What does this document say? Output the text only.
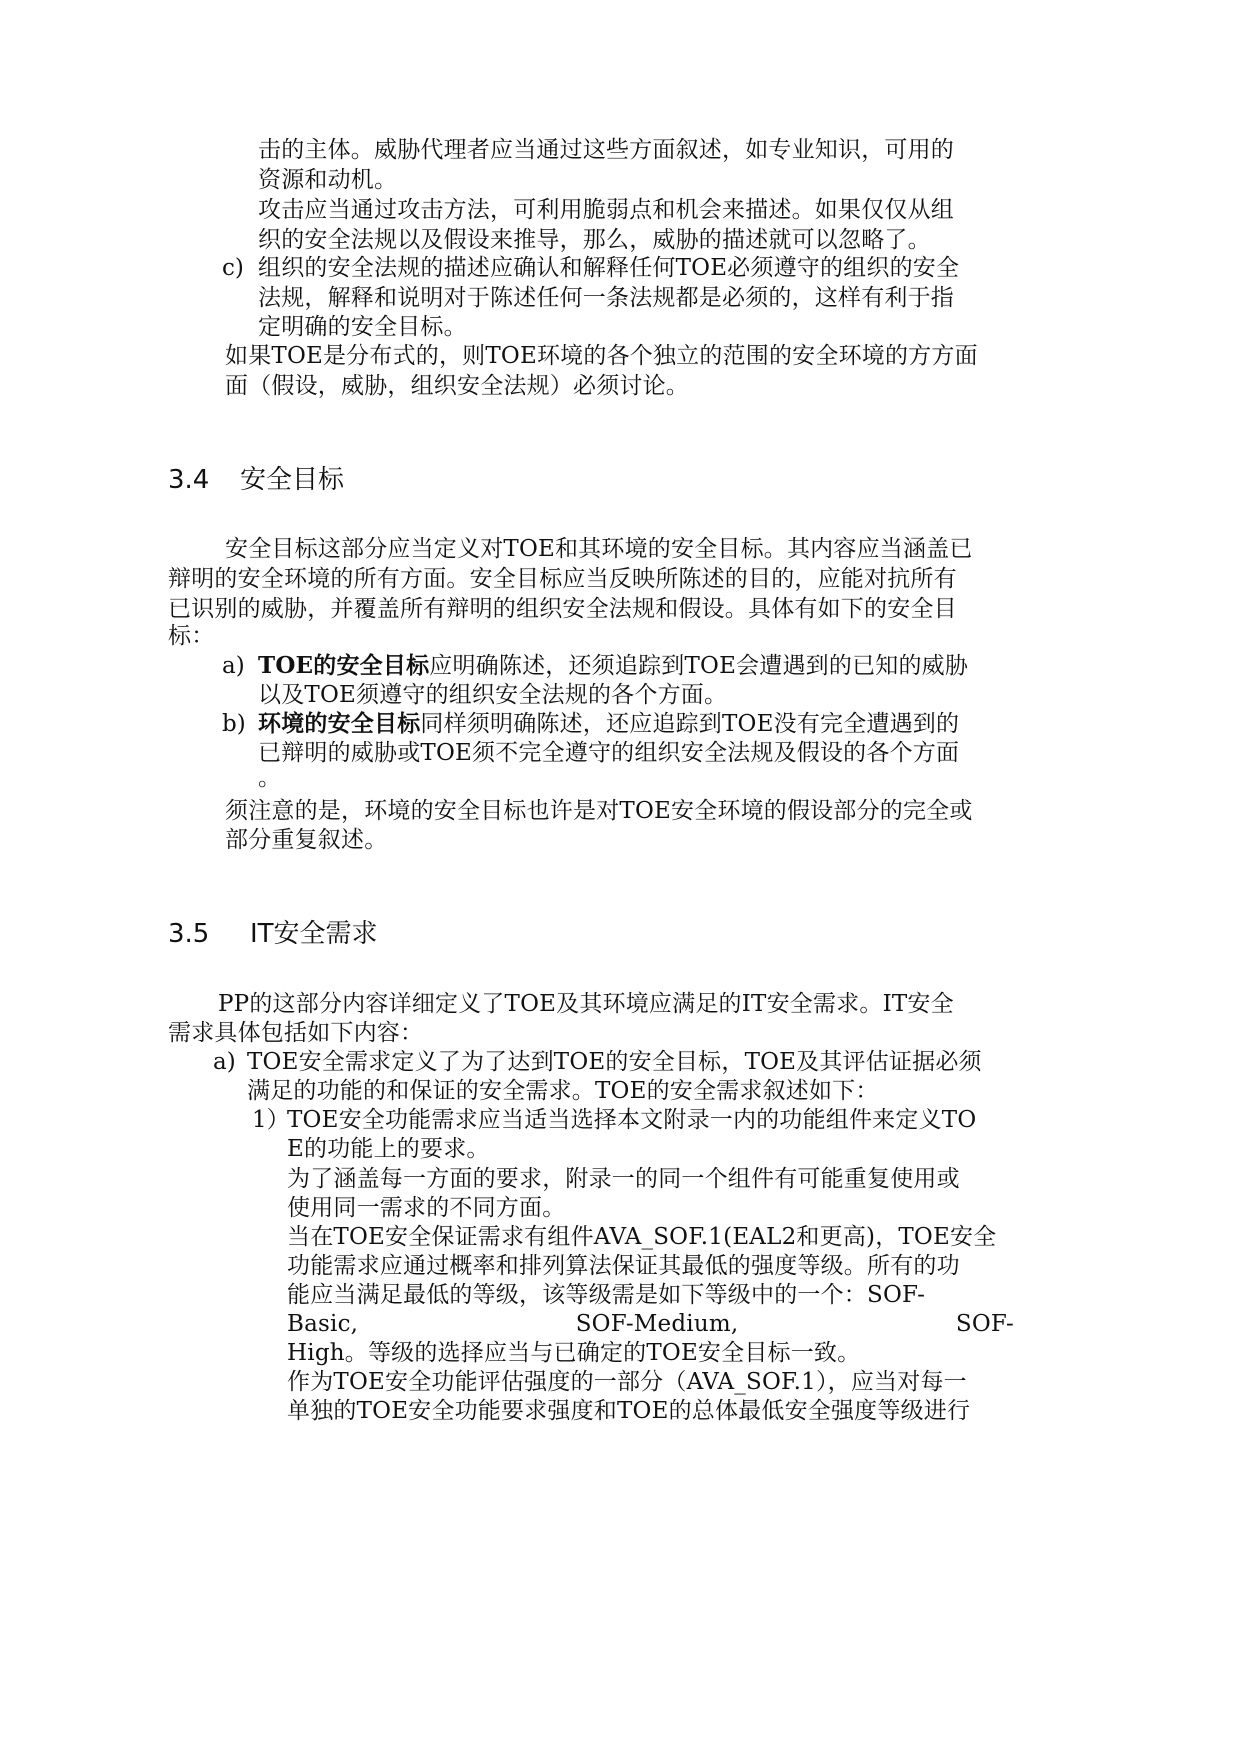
击的主体。威胁代理者应当通过这些方面叙述，如专业知识，可用的

资源和动机。

攻击应当通过攻击方法，可利用脆弱点和机会来描述。如果仅仅从组

织的安全法规以及假设来推导，那么，威胁的描述就可以忽略了。

c) 组织的安全法规的描述应确认和解释任何TOE必须遵守的组织的安全

法规，解释和说明对于陈述任何一条法规都是必须的，这样有利于指

定明确的安全目标。

如果TOE是分布式的，则TOE环境的各个独立的范围的安全环境的方方面

面（假设，威胁，组织安全法规）必须讨论。

3.4 安全目标

安全目标这部分应当定义对TOE和其环境的安全目标。其内容应当涵盖已

辩明的安全环境的所有方面。安全目标应当反映所陈述的目的，应能对抗所有

已识别的威胁，并覆盖所有辩明的组织安全法规和假设。具体有如下的安全目

标：

a) TOE的安全目标应明确陈述，还须追踪到TOE会遭遇到的已知的威胁

以及TOE须遵守的组织安全法规的各个方面。

b) 环境的安全目标同样须明确陈述，还应追踪到TOE没有完全遭遇到的

已辩明的威胁或TOE须不完全遵守的组织安全法规及假设的各个方面

。

须注意的是，环境的安全目标也许是对TOE安全环境的假设部分的完全或

部分重复叙述。

3.5 IT安全需求

PP的这部分内容详细定义了TOE及其环境应满足的IT安全需求。IT安全

需求具体包括如下内容：

a) TOE安全需求定义了为了达到TOE的安全目标，TOE及其评估证据必须

满足的功能的和保证的安全需求。TOE的安全需求叙述如下：

1）

TOE安全功能需求应当适当选择本文附录一内的功能组件来定义TO

E的功能上的要求。

为了涵盖每一方面的要求，附录一的同一个组件有可能重复使用或

使用同一需求的不同方面。

当在TOE安全保证需求有组件AVA_SOF.1(EAL2和更高)，TOE安全

功能需求应通过概率和排列算法保证其最低的强度等级。所有的功

能应当满足最低的等级，该等级需是如下等级中的一个：SOF-

Basic,	SOF-Medium,	SOF-

High。等级的选择应当与已确定的TOE安全目标一致。

作为TOE安全功能评估强度的一部分（AVA_SOF.1），应当对每一

单独的TOE安全功能要求强度和TOE的总体最低安全强度等级进行
